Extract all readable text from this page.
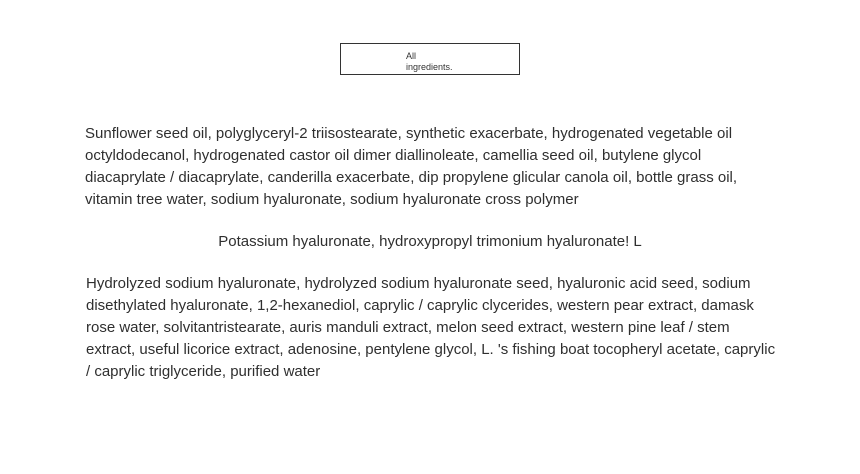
All
ingredients.

Sunflower seed oil, polyglyceryl-2 triisostearate, synthetic exacerbate, hydrogenated vegetable oil octyldodecanol, hydrogenated castor oil dimer diallinoleate, camellia seed oil, butylene glycol diacaprylate / diacaprylate, canderilla exacerbate, dip propylene glicular canola oil, bottle grass oil, vitamin tree water, sodium hyaluronate, sodium hyaluronate cross polymer

Potassium hyaluronate, hydroxypropyl trimonium hyaluronate! L

Hydrolyzed sodium hyaluronate, hydrolyzed sodium hyaluronate seed, hyaluronic acid seed, sodium disethylated hyaluronate, 1,2-hexanediol, caprylic / caprylic clycerides, western pear extract, damask rose water, solvitantristearate, auris manduli extract, melon seed extract, western pine leaf / stem extract, useful licorice extract, adenosine, pentylene glycol, L. 's fishing boat tocopheryl acetate, caprylic / caprylic triglyceride, purified water
